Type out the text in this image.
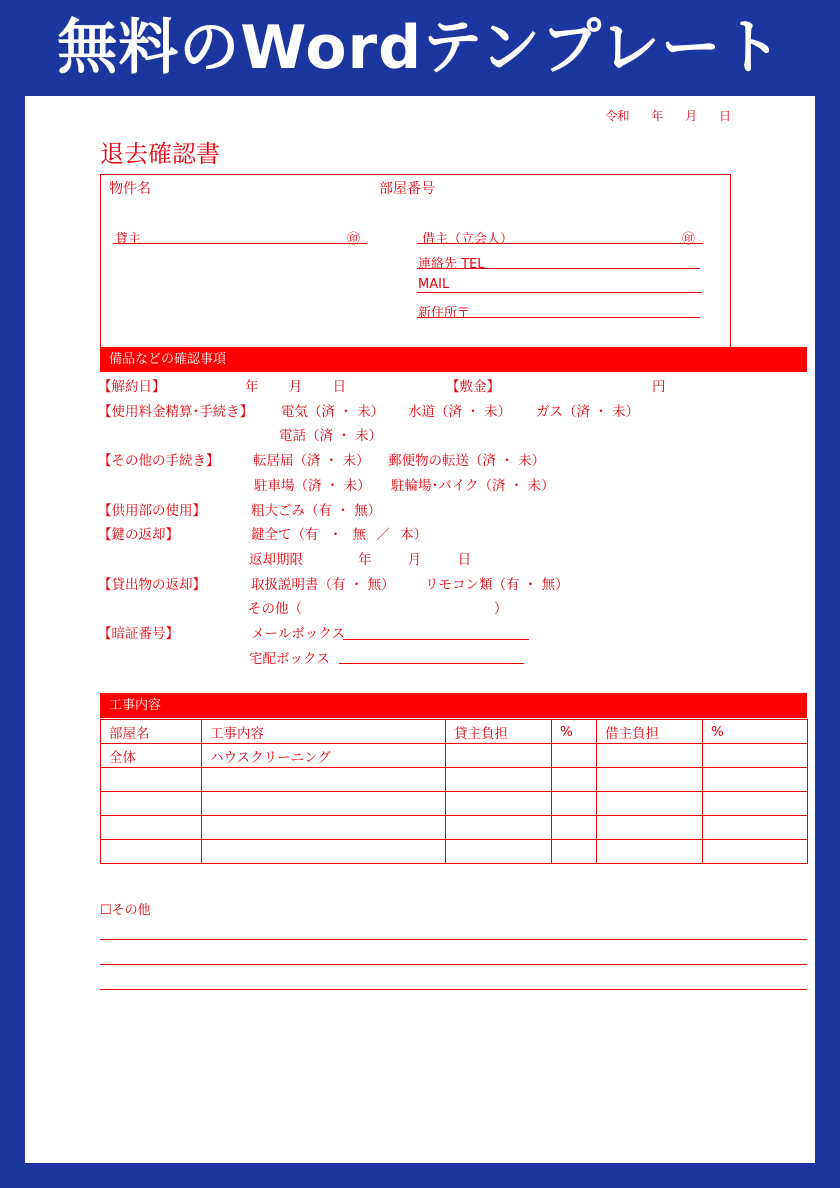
無料のWordテンプレート
令和 年 月 日
退去確認書
物件名	部屋番号
貸主	㊞	借主（立会人）	㊞
連絡先 TEL
MAIL
新住所〒
備品などの確認事項
【解約日】	年 月 日	【敷金】	円
【使用料金精算･手続き】 電気（済 ・ 未） 水道（済 ・ 未） ガス（済 ・ 未）
電話（済 ・ 未）
【その他の手続き】 転居届（済 ・ 未） 郵便物の転送（済 ・ 未）
駐車場（済 ・ 未） 駐輪場･バイク（済 ・ 未）
【供用部の使用】	粗大ごみ（有 ・ 無）
【鍵の返却】	鍵全て（有 ・ 無 ／ 本）
返却期限	年 月 日
【貸出物の返却】	取扱説明書（有 ・ 無） リモコン類（有 ・ 無）
その他（	）
【暗証番号】	メールボックス
宅配ボックス
工事内容
部屋名	工事内容	貸主負担	%	借主負担	%
全体	ハウスクリーニング				

☐その他
